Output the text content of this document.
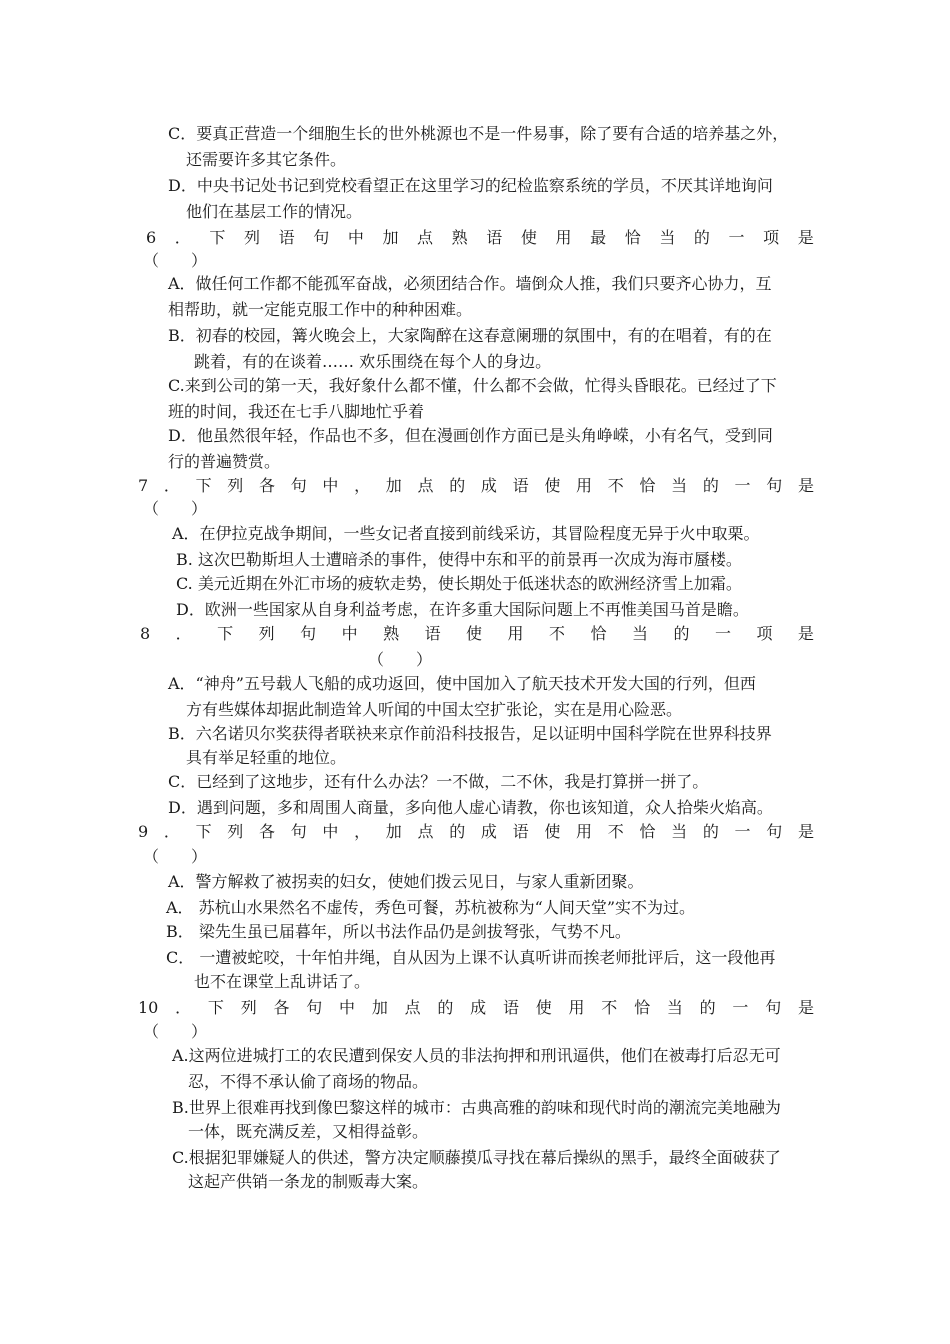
C．要真正营造一个细胞生长的世外桃源也不是一件易事，除了要有合适的培养基之外，
还需要许多其它条件。
D．中央书记处书记到党校看望正在这里学习的纪检监察系统的学员，不厌其详地询问
他们在基层工作的情况。
6 ． 下 列 语 句 中 加 点 熟 语 使 用 最 恰 当 的 一 项 是
（　　）
A．做任何工作都不能孤军奋战，必须团结合作。墙倒众人推，我们只要齐心协力，互
相帮助，就一定能克服工作中的种种困难。
B．初春的校园，篝火晚会上，大家陶醉在这春意阑珊的氛围中，有的在唱着，有的在
跳着，有的在谈着…… 欢乐围绕在每个人的身边。
C.来到公司的第一天，我好象什么都不懂，什么都不会做，忙得头昏眼花。已经过了下
班的时间，我还在七手八脚地忙乎着
D．他虽然很年轻，作品也不多，但在漫画创作方面已是头角峥嵘，小有名气，受到同
行的普遍赞赏。
7 ． 下 列 各 句 中 ， 加 点 的 成 语 使 用 不 恰 当 的 一 句 是
（　　）
A．在伊拉克战争期间，一些女记者直接到前线采访，其冒险程度无异于火中取栗。
B. 这次巴勒斯坦人士遭暗杀的事件，使得中东和平的前景再一次成为海市蜃楼。
C. 美元近期在外汇市场的疲软走势，使长期处于低迷状态的欧洲经济雪上加霜。
D．欧洲一些国家从自身利益考虑，在许多重大国际问题上不再惟美国马首是瞻。
8 ． 下 列 句 中 熟 语 使 用 不 恰 当 的 一 项 是
（　　）
A．“神舟”五号载人飞船的成功返回，使中国加入了航天技术开发大国的行列，但西
方有些媒体却据此制造耸人听闻的中国太空扩张论，实在是用心险恶。
B．六名诺贝尔奖获得者联袂来京作前沿科技报告，足以证明中国科学院在世界科技界
具有举足轻重的地位。
C．已经到了这地步，还有什么办法？一不做，二不休，我是打算拼一拼了。
D．遇到问题，多和周围人商量，多向他人虚心请教，你也该知道，众人拾柴火焰高。
9 ． 下 列 各 句 中 ， 加 点 的 成 语 使 用 不 恰 当 的 一 句 是
（　　）
A．警方解救了被拐卖的妇女，使她们拨云见日，与家人重新团聚。
A． 苏杭山水果然名不虚传，秀色可餐，苏杭被称为“人间天堂”实不为过。
B． 梁先生虽已届暮年，所以书法作品仍是剑拔弩张，气势不凡。
C． 一遭被蛇咬，十年怕井绳，自从因为上课不认真听讲而挨老师批评后，这一段他再
也不在课堂上乱讲话了。
10 ． 下 列 各 句 中 加 点 的 成 语 使 用 不 恰 当 的 一 句 是
（　　）
A.这两位进城打工的农民遭到保安人员的非法拘押和刑讯逼供，他们在被毒打后忍无可
忍，不得不承认偷了商场的物品。
B.世界上很难再找到像巴黎这样的城市：古典高雅的韵味和现代时尚的潮流完美地融为
一体，既充满反差，又相得益彰。
C.根据犯罪嫌疑人的供述，警方决定顺藤摸瓜寻找在幕后操纵的黑手，最终全面破获了
这起产供销一条龙的制贩毒大案。
